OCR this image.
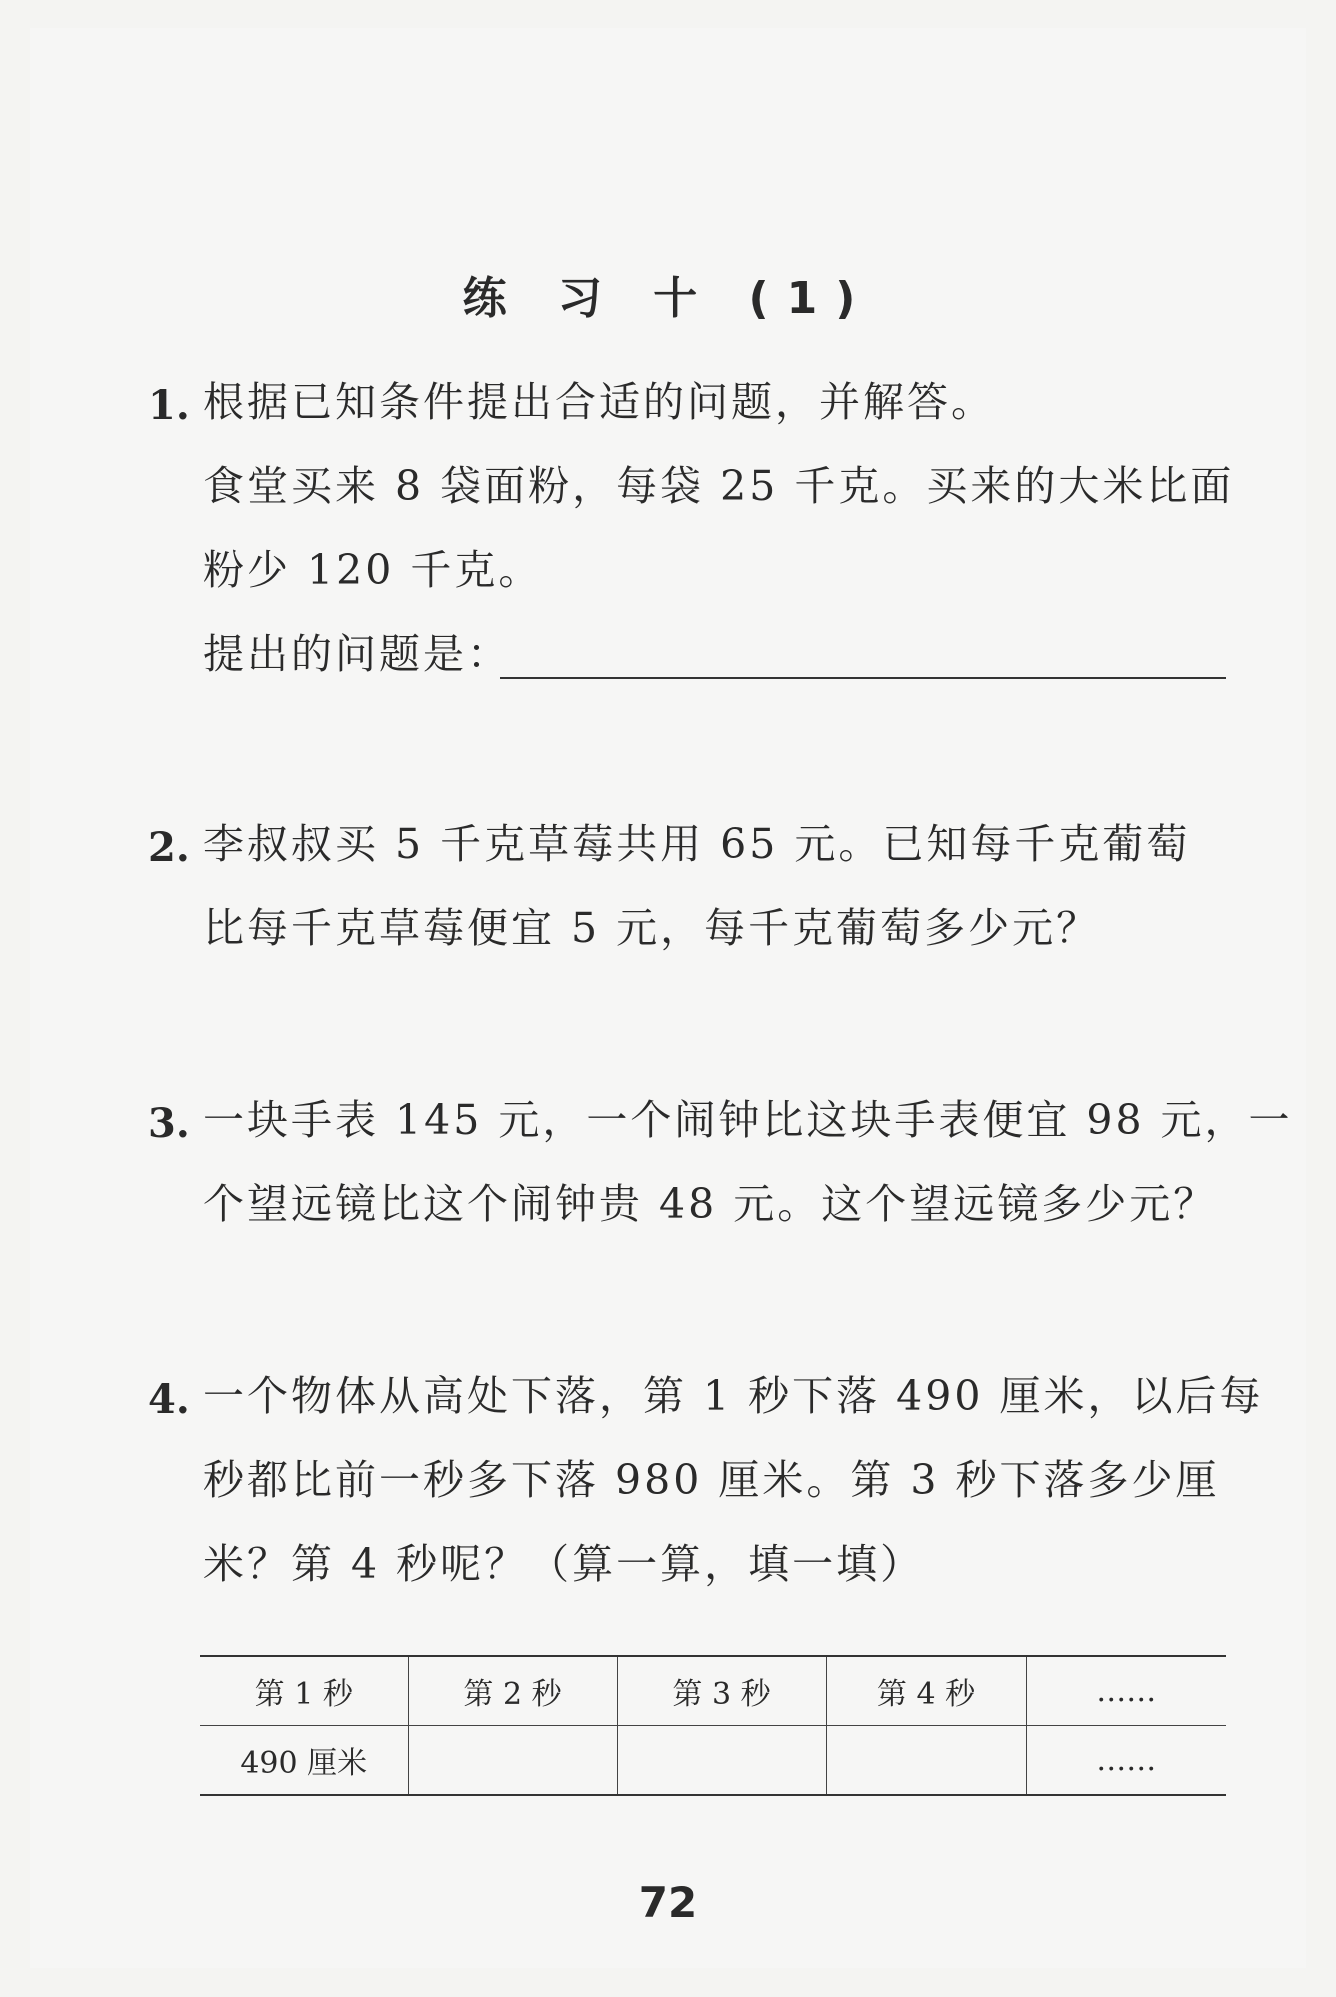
练 习 十 (1)
1. 根据已知条件提出合适的问题，并解答。
食堂买来 8 袋面粉，每袋 25 千克。买来的大米比面
粉少 120 千克。
提出的问题是：
2. 李叔叔买 5 千克草莓共用 65 元。已知每千克葡萄
比每千克草莓便宜 5 元，每千克葡萄多少元？
3. 一块手表 145 元，一个闹钟比这块手表便宜 98 元，一
个望远镜比这个闹钟贵 48 元。这个望远镜多少元？
4. 一个物体从高处下落，第 1 秒下落 490 厘米，以后每
秒都比前一秒多下落 980 厘米。第 3 秒下落多少厘
米？第 4 秒呢？（算一算，填一填）
第 1 秒	第 2 秒	第 3 秒	第 4 秒	……
490 厘米				……
72
